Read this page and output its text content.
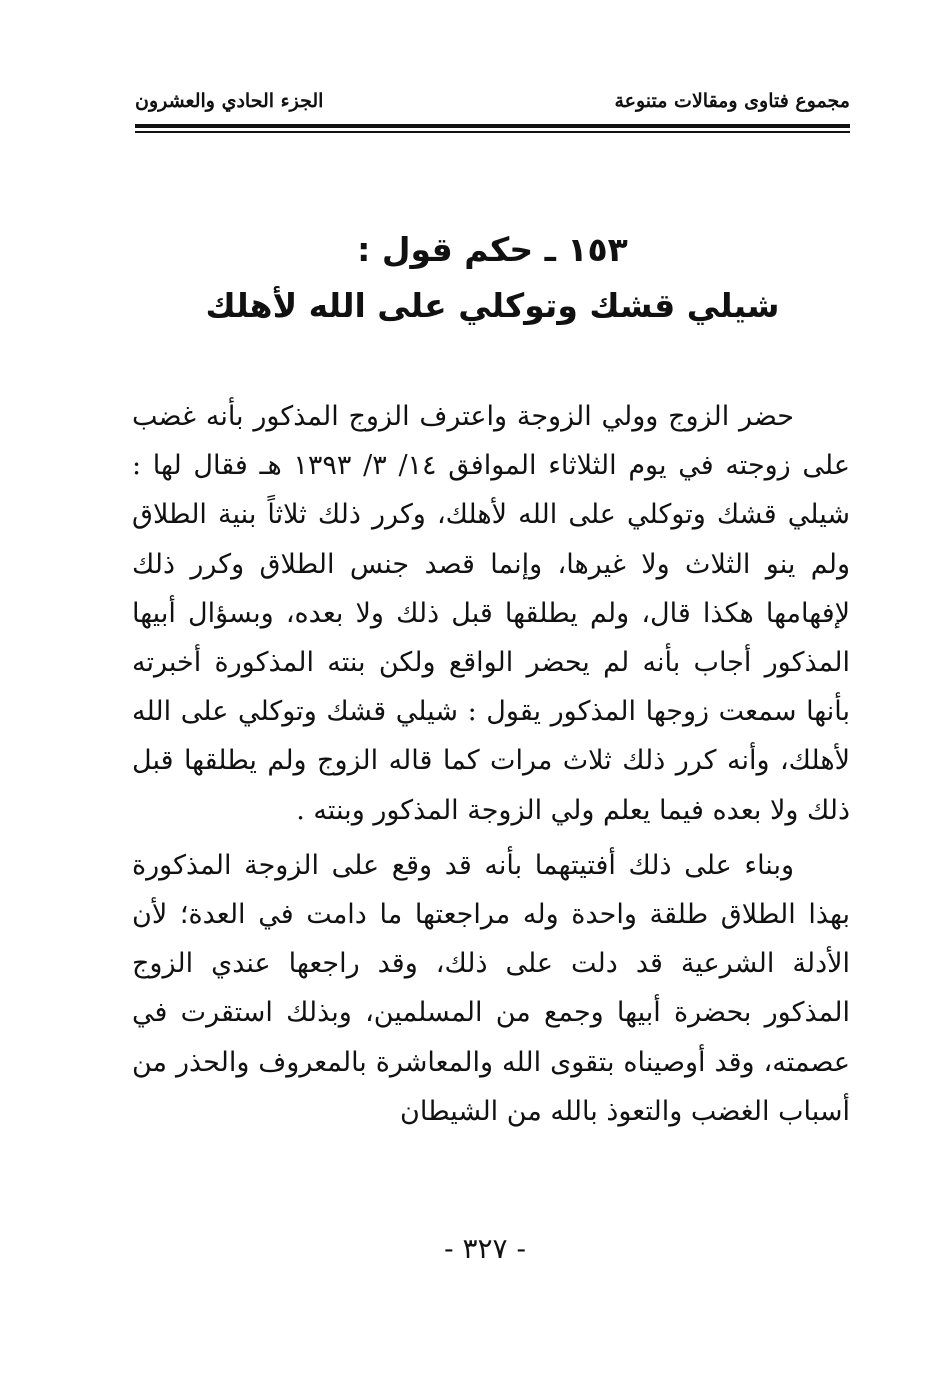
مجموع فتاوى ومقالات متنوعة
الجزء الحادي والعشرون
١٥٣ ـ حكم قول :
شيلي قشك وتوكلي على الله لأهلك

حضر الزوج وولي الزوجة واعترف الزوج المذكور بأنه غضب على زوجته في يوم الثلاثاء الموافق ١٤/ ٣/ ١٣٩٣ هـ فقال لها : شيلي قشك وتوكلي على الله لأهلك، وكرر ذلك ثلاثاً بنية الطلاق ولم ينو الثلاث ولا غيرها، وإنما قصد جنس الطلاق وكرر ذلك لإفهامها هكذا قال، ولم يطلقها قبل ذلك ولا بعده، وبسؤال أبيها المذكور أجاب بأنه لم يحضر الواقع ولكن بنته المذكورة أخبرته بأنها سمعت زوجها المذكور يقول : شيلي قشك وتوكلي على الله لأهلك، وأنه كرر ذلك ثلاث مرات كما قاله الزوج ولم يطلقها قبل ذلك ولا بعده فيما يعلم ولي الزوجة المذكور وبنته .

وبناء على ذلك أفتيتهما بأنه قد وقع على الزوجة المذكورة بهذا الطلاق طلقة واحدة وله مراجعتها ما دامت في العدة؛ لأن الأدلة الشرعية قد دلت على ذلك، وقد راجعها عندي الزوج المذكور بحضرة أبيها وجمع من المسلمين، وبذلك استقرت في عصمته، وقد أوصيناه بتقوى الله والمعاشرة بالمعروف والحذر من أسباب الغضب والتعوذ بالله من الشيطان

- ٣٢٧ -
